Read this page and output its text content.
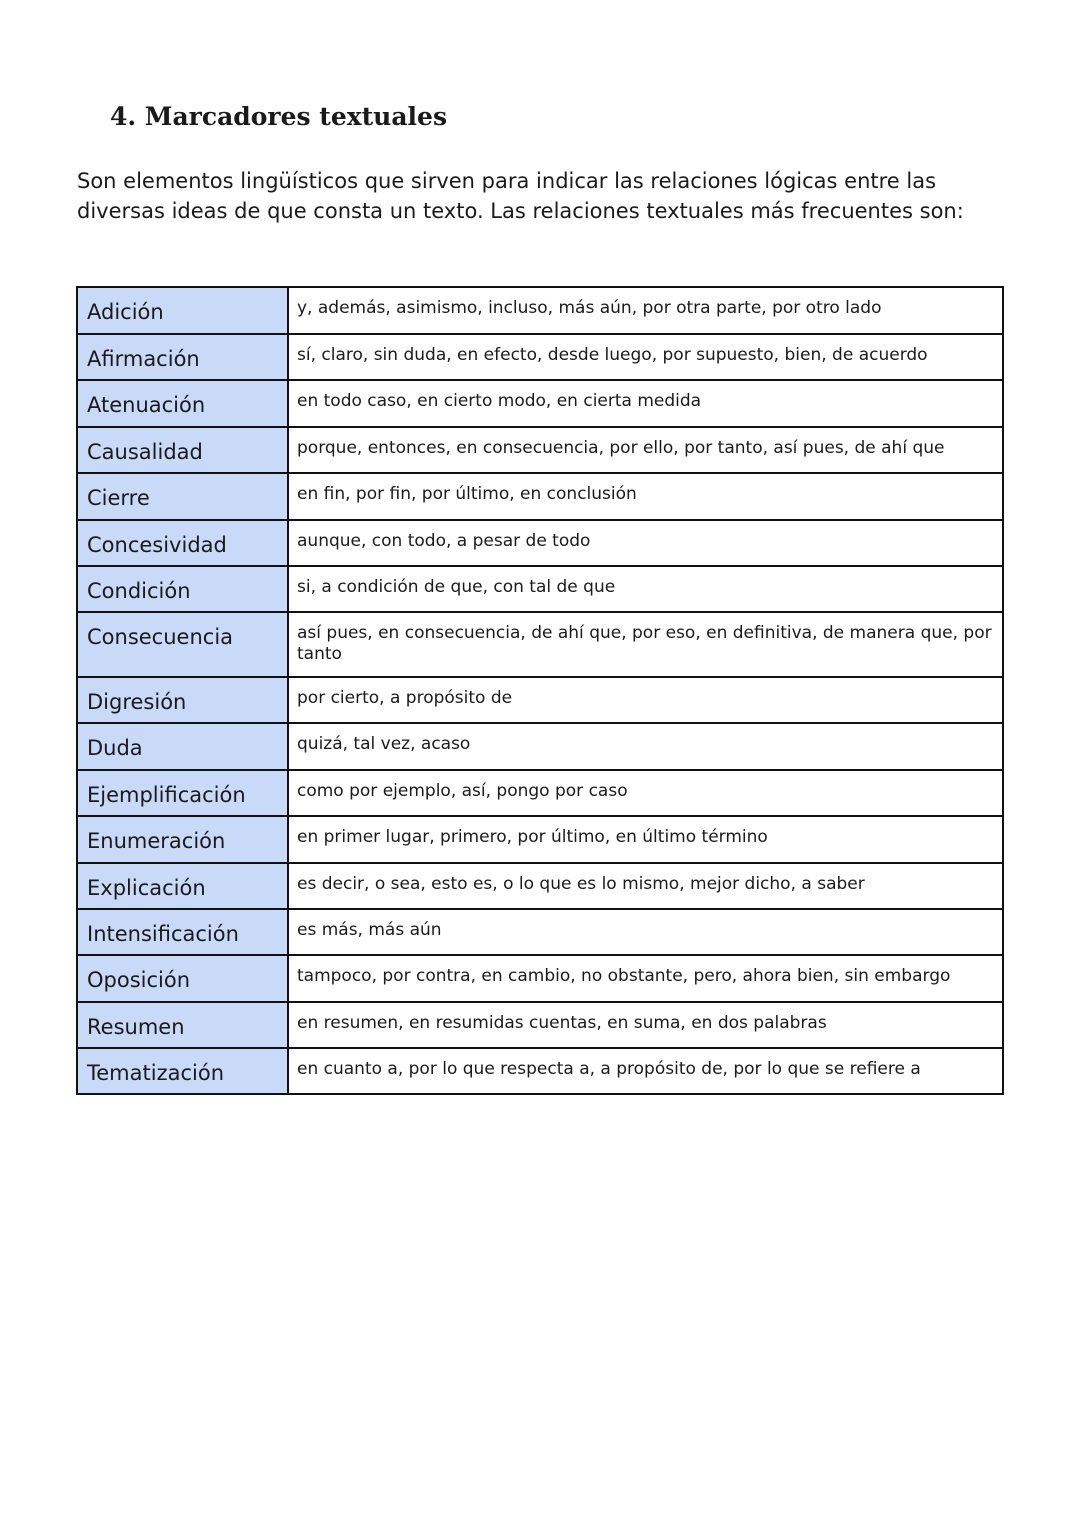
4. Marcadores textuales

Son elementos lingüísticos que sirven para indicar las relaciones lógicas entre las diversas ideas de que consta un texto. Las relaciones textuales más frecuentes son:

Adición	y, además, asimismo, incluso, más aún, por otra parte, por otro lado
Afirmación	sí, claro, sin duda, en efecto, desde luego, por supuesto, bien, de acuerdo
Atenuación	en todo caso, en cierto modo, en cierta medida
Causalidad	porque, entonces, en consecuencia, por ello, por tanto, así pues, de ahí que
Cierre	en fin, por fin, por último, en conclusión
Concesividad	aunque, con todo, a pesar de todo
Condición	si, a condición de que, con tal de que
Consecuencia	así pues, en consecuencia, de ahí que, por eso, en definitiva, de manera que, por tanto
Digresión	por cierto, a propósito de
Duda	quizá, tal vez, acaso
Ejemplificación	como por ejemplo, así, pongo por caso
Enumeración	en primer lugar, primero, por último, en último término
Explicación	es decir, o sea, esto es, o lo que es lo mismo, mejor dicho, a saber
Intensificación	es más, más aún
Oposición	tampoco, por contra, en cambio, no obstante, pero, ahora bien, sin embargo
Resumen	en resumen, en resumidas cuentas, en suma, en dos palabras
Tematización	en cuanto a, por lo que respecta a, a propósito de, por lo que se refiere a
